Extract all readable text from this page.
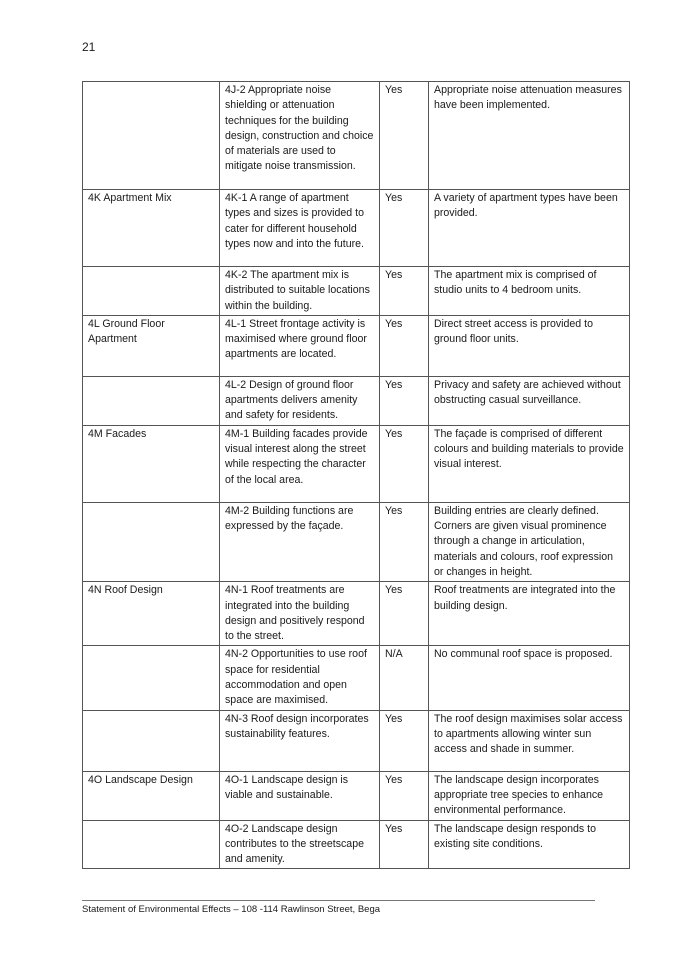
21
	4J-2 Appropriate noise shielding or attenuation techniques for the building design, construction and choice of materials are used to mitigate noise transmission.	Yes	Appropriate noise attenuation measures have been implemented.
4K Apartment Mix	4K-1 A range of apartment types and sizes is provided to cater for different household types now and into the future.	Yes	A variety of apartment types have been provided.
	4K-2 The apartment mix is distributed to suitable locations within the building.	Yes	The apartment mix is comprised of studio units to 4 bedroom units.
4L Ground Floor Apartment	4L-1 Street frontage activity is maximised where ground floor apartments are located.	Yes	Direct street access is provided to ground floor units.
	4L-2 Design of ground floor apartments delivers amenity and safety for residents.	Yes	Privacy and safety are achieved without obstructing casual surveillance.
4M Facades	4M-1 Building facades provide visual interest along the street while respecting the character of the local area.	Yes	The façade is comprised of different colours and building materials to provide visual interest.
	4M-2 Building functions are expressed by the façade.	Yes	Building entries are clearly defined. Corners are given visual prominence through a change in articulation, materials and colours, roof expression or changes in height.
4N Roof Design	4N-1 Roof treatments are integrated into the building design and positively respond to the street.	Yes	Roof treatments are integrated into the building design.
	4N-2 Opportunities to use roof space for residential accommodation and open space are maximised.	N/A	No communal roof space is proposed.
	4N-3 Roof design incorporates sustainability features.	Yes	The roof design maximises solar access to apartments allowing winter sun access and shade in summer.
4O Landscape Design	4O-1 Landscape design is viable and sustainable.	Yes	The landscape design incorporates appropriate tree species to enhance environmental performance.
	4O-2 Landscape design contributes to the streetscape and amenity.	Yes	The landscape design responds to existing site conditions.
Statement of Environmental Effects – 108 -114 Rawlinson Street, Bega
